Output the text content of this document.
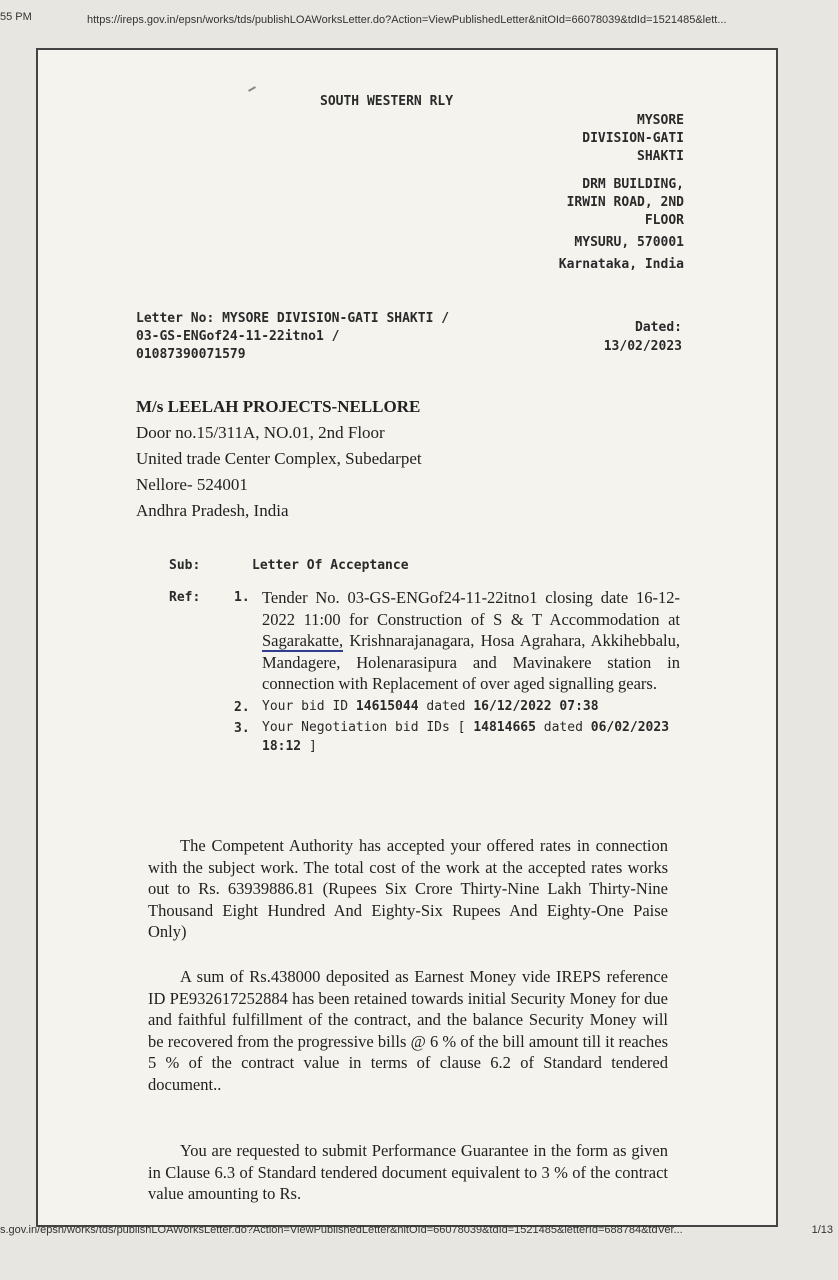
55 PM	https://ireps.gov.in/epsn/works/tds/publishLOAWorksLetter.do?Action=ViewPublishedLetter&nitOId=66078039&tdId=1521485&lett...
SOUTH WESTERN RLY
MYSORE
DIVISION-GATI
SHAKTI
DRM BUILDING,
IRWIN ROAD, 2ND
FLOOR
MYSURU, 570001
Karnataka, India
Letter No: MYSORE DIVISION-GATI SHAKTI /
03-GS-ENGof24-11-22itno1 /
01087390071579
Dated:
13/02/2023
M/s LEELAH PROJECTS-NELLORE
Door no.15/311A, NO.01, 2nd Floor
United trade Center Complex, Subedarpet
Nellore- 524001
Andhra Pradesh, India
Sub:	Letter Of Acceptance
Ref:	1. Tender No. 03-GS-ENGof24-11-22itno1 closing date 16-12-2022 11:00 for Construction of S & T Accommodation at Sagarakatte, Krishnarajanagara, Hosa Agrahara, Akkihebbalu, Mandagere, Holenarasipura and Mavinakere station in connection with Replacement of over aged signalling gears.
2. Your bid ID 14615044 dated 16/12/2022 07:38
3. Your Negotiation bid IDs [ 14814665 dated 06/02/2023 18:12 ]
The Competent Authority has accepted your offered rates in connection with the subject work. The total cost of the work at the accepted rates works out to Rs. 63939886.81 (Rupees Six Crore Thirty-Nine Lakh Thirty-Nine Thousand Eight Hundred And Eighty-Six Rupees And Eighty-One Paise Only)
A sum of Rs.438000 deposited as Earnest Money vide IREPS reference ID PE932617252884 has been retained towards initial Security Money for due and faithful fulfillment of the contract, and the balance Security Money will be recovered from the progressive bills @ 6 % of the bill amount till it reaches 5 % of the contract value in terms of clause 6.2 of Standard tendered document..
You are requested to submit Performance Guarantee in the form as given in Clause 6.3 of Standard tendered document equivalent to 3 % of the contract value amounting to Rs.
s.gov.in/epsn/works/tds/publishLOAWorksLetter.do?Action=ViewPublishedLetter&nitOId=66078039&tdId=1521485&letterId=688784&tdVer...	1/13
